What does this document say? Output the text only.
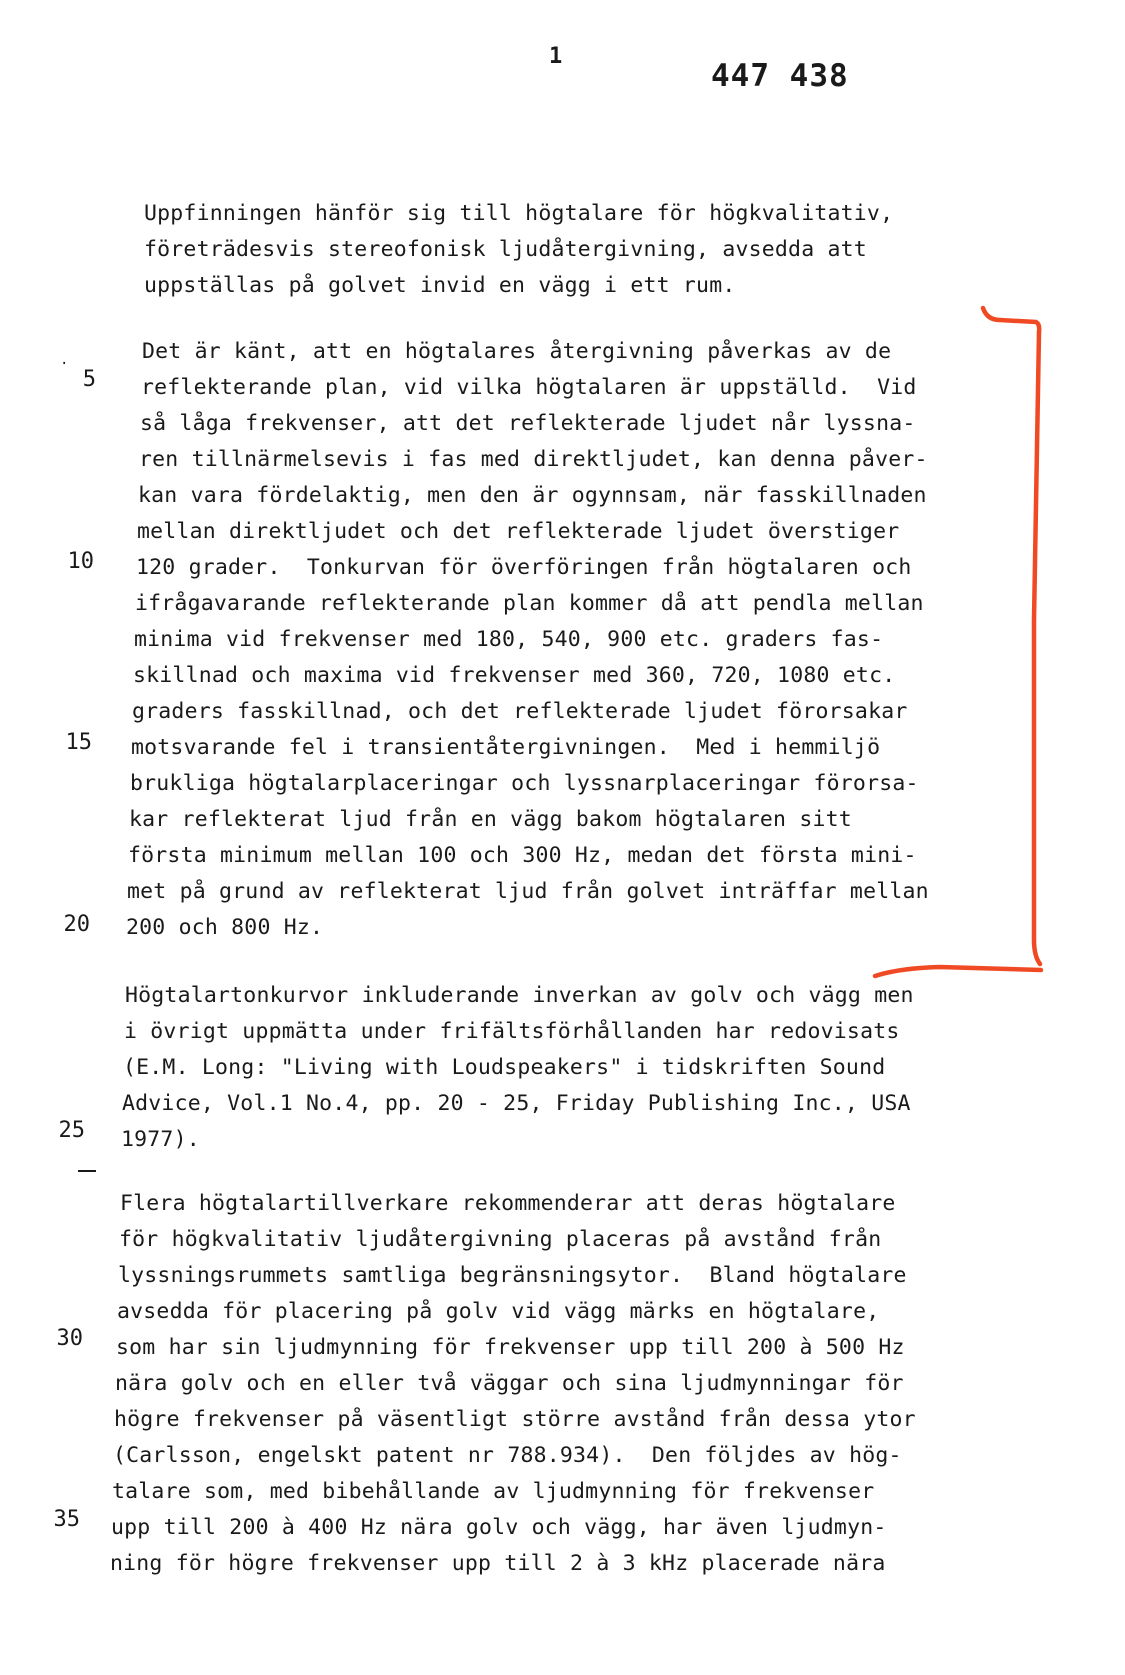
1
447 438
Uppfinningen hänför sig till högtalare för högkvalitativ,
företrädesvis stereofonisk ljudåtergivning, avsedda att
uppställas på golvet invid en vägg i ett rum.
Det är känt, att en högtalares återgivning påverkas av de
reflekterande plan, vid vilka högtalaren är uppställd.  Vid
så låga frekvenser, att det reflekterade ljudet når lyssna-
ren tillnärmelsevis i fas med direktljudet, kan denna påver-
kan vara fördelaktig, men den är ogynnsam, när fasskillnaden
mellan direktljudet och det reflekterade ljudet överstiger
120 grader.  Tonkurvan för överföringen från högtalaren och
ifrågavarande reflekterande plan kommer då att pendla mellan
minima vid frekvenser med 180, 540, 900 etc. graders fas-
skillnad och maxima vid frekvenser med 360, 720, 1080 etc.
graders fasskillnad, och det reflekterade ljudet förorsakar
motsvarande fel i transientåtergivningen.  Med i hemmiljö
brukliga högtalarplaceringar och lyssnarplaceringar förorsa-
kar reflekterat ljud från en vägg bakom högtalaren sitt
första minimum mellan 100 och 300 Hz, medan det första mini-
met på grund av reflekterat ljud från golvet inträffar mellan
200 och 800 Hz.
Högtalartonkurvor inkluderande inverkan av golv och vägg men
i övrigt uppmätta under frifältsförhållanden har redovisats
(E.M. Long: "Living with Loudspeakers" i tidskriften Sound
Advice, Vol.1 No.4, pp. 20 - 25, Friday Publishing Inc., USA
1977).
Flera högtalartillverkare rekommenderar att deras högtalare
för högkvalitativ ljudåtergivning placeras på avstånd från
lyssningsrummets samtliga begränsningsytor.  Bland högtalare
avsedda för placering på golv vid vägg märks en högtalare,
som har sin ljudmynning för frekvenser upp till 200 à 500 Hz
nära golv och en eller två väggar och sina ljudmynningar för
högre frekvenser på väsentligt större avstånd från dessa ytor
(Carlsson, engelskt patent nr 788.934).  Den följdes av hög-
talare som, med bibehållande av ljudmynning för frekvenser
upp till 200 à 400 Hz nära golv och vägg, har även ljudmyn-
ning för högre frekvenser upp till 2 à 3 kHz placerade nära
5
10
15
20
25
30
35
·
